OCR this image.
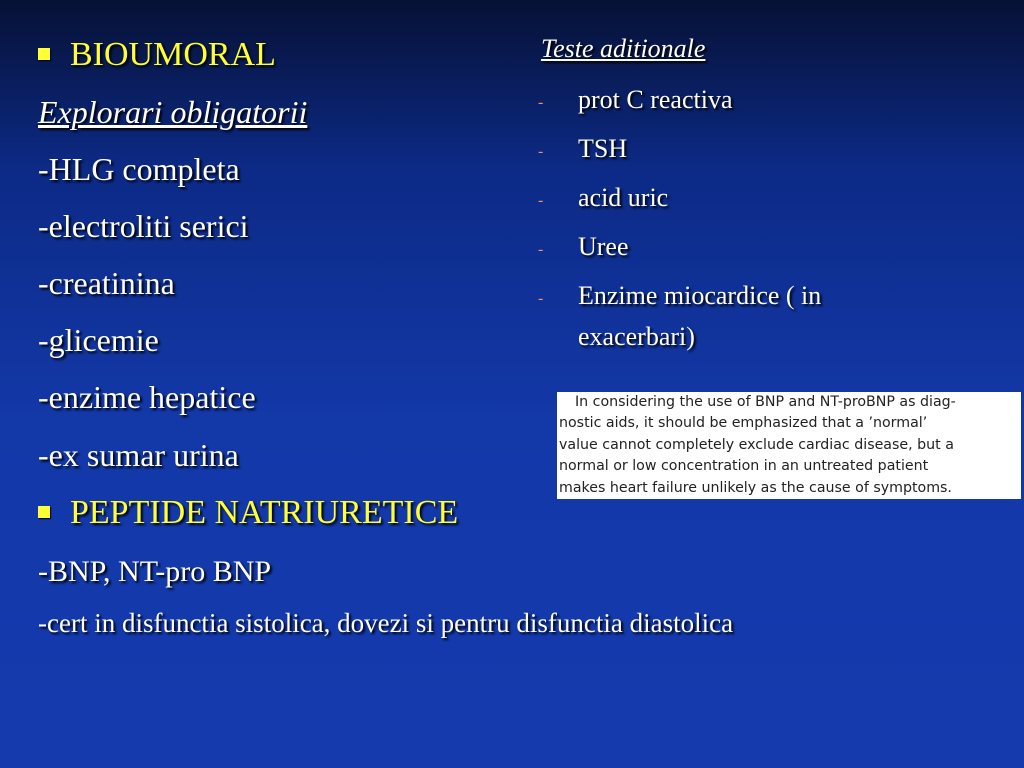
BIOUMORAL
Explorari obligatorii
-HLG completa
-electroliti serici
-creatinina
-glicemie
-enzime hepatice
-ex sumar urina
PEPTIDE NATRIURETICE
-BNP, NT-pro BNP
-cert in disfunctia sistolica, dovezi si pentru disfunctia diastolica
Teste aditionale
- prot C reactiva
- TSH
- acid uric
- Uree
- Enzime miocardice ( in
exacerbari)
In considering the use of BNP and NT-proBNP as diag-
nostic aids, it should be emphasized that a ’normal’
value cannot completely exclude cardiac disease, but a
normal or low concentration in an untreated patient
makes heart failure unlikely as the cause of symptoms.
